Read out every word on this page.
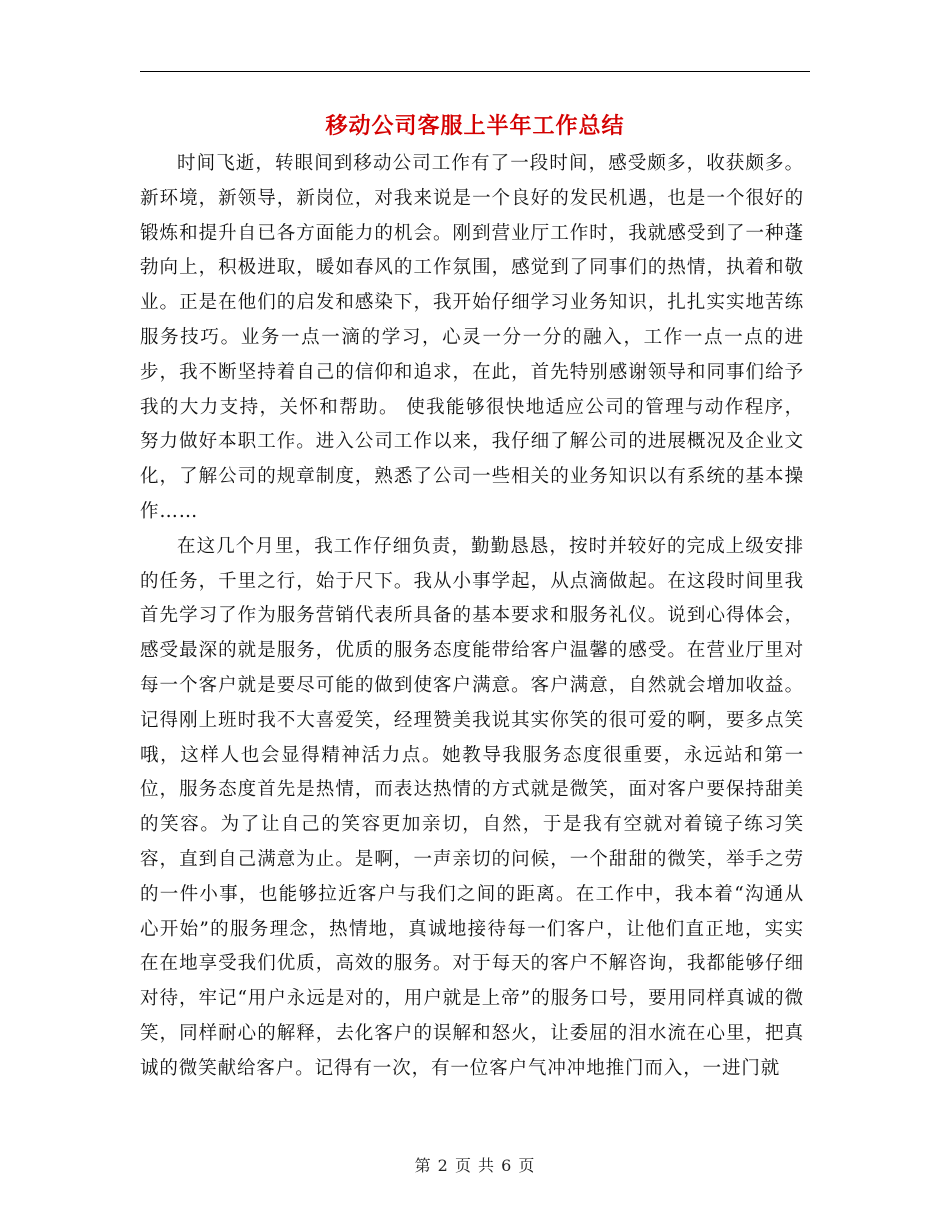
移动公司客服上半年工作总结

时间飞逝，转眼间到移动公司工作有了一段时间，感受颇多，收获颇多。新环境，新领导，新岗位，对我来说是一个良好的发民机遇，也是一个很好的锻炼和提升自已各方面能力的机会。刚到营业厅工作时，我就感受到了一种蓬勃向上，积极进取，暖如春风的工作氛围，感觉到了同事们的热情，执着和敬业。正是在他们的启发和感染下，我开始仔细学习业务知识，扎扎实实地苦练服务技巧。业务一点一滴的学习，心灵一分一分的融入，工作一点一点的进步，我不断坚持着自己的信仰和追求，在此，首先特别感谢领导和同事们给予我的大力支持，关怀和帮助。 使我能够很快地适应公司的管理与动作程序，努力做好本职工作。进入公司工作以来，我仔细了解公司的进展概况及企业文化，了解公司的规章制度，熟悉了公司一些相关的业务知识以有系统的基本操作……

在这几个月里，我工作仔细负责，勤勤恳恳，按时并较好的完成上级安排的任务，千里之行，始于尺下。我从小事学起，从点滴做起。在这段时间里我首先学习了作为服务营销代表所具备的基本要求和服务礼仪。说到心得体会，感受最深的就是服务，优质的服务态度能带给客户温馨的感受。在营业厅里对每一个客户就是要尽可能的做到使客户满意。客户满意，自然就会增加收益。记得刚上班时我不大喜爱笑，经理赞美我说其实你笑的很可爱的啊，要多点笑哦，这样人也会显得精神活力点。她教导我服务态度很重要，永远站和第一位，服务态度首先是热情，而表达热情的方式就是微笑，面对客户要保持甜美的笑容。为了让自己的笑容更加亲切，自然，于是我有空就对着镜子练习笑容，直到自己满意为止。是啊，一声亲切的问候，一个甜甜的微笑，举手之劳的一件小事，也能够拉近客户与我们之间的距离。在工作中，我本着“沟通从心开始”的服务理念，热情地，真诚地接待每一们客户，让他们直正地，实实在在地享受我们优质，高效的服务。对于每天的客户不解咨询，我都能够仔细对待，牢记“用户永远是对的，用户就是上帝”的服务口号，要用同样真诚的微笑，同样耐心的解释，去化客户的误解和怒火，让委屈的泪水流在心里，把真诚的微笑献给客户。记得有一次，有一位客户气冲冲地推门而入，一进门就

第 2 页 共 6 页
